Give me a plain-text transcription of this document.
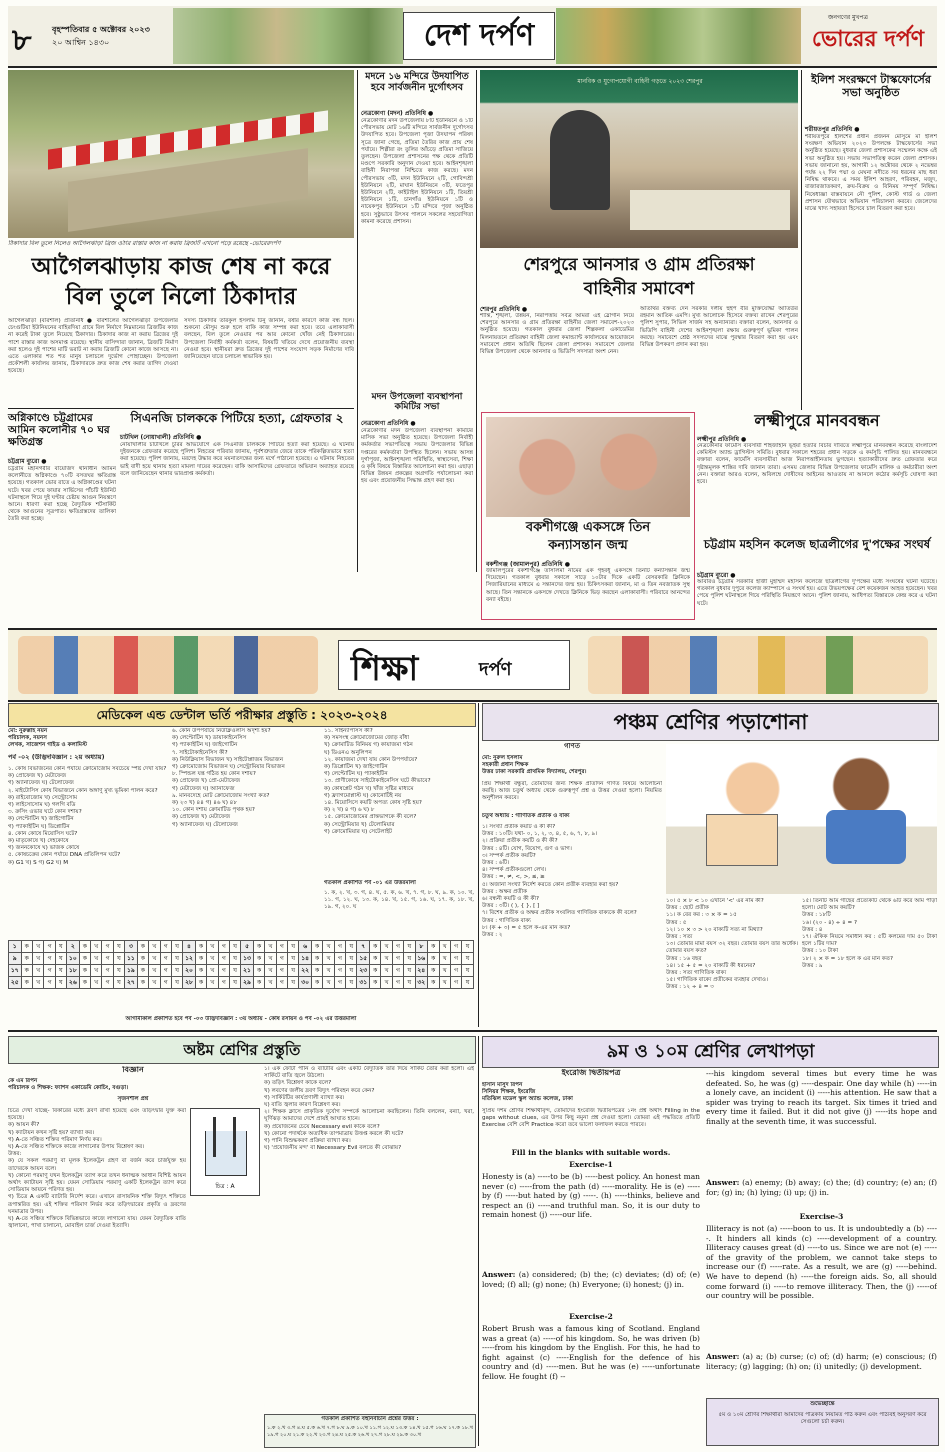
৮	বৃহস্পতিবার ৫ অক্টোবর ২০২৩
২০ আশ্বিন ১৪৩০	দেশ দর্পণ
জনগণের মুখপত্র
ভোরের দর্পণ
ঠিকাদার বিল তুলে নিলেও আগৈলঝাড়া ব্রিজ ওঠার রাস্তার কাজ না করায় ব্রিজটি এখনো পড়ে রয়েছে -ভোরেরদর্পণ
আগৈলঝাড়ায় কাজ শেষ না করে
বিল তুলে নিলো ঠিকাদার
আগৈলঝাড়া (বরিশাল) প্রতিনিধি ● বরিশালের আগৈলঝাড়া উপজেলার চেংগুটিয়া ইউনিয়নের বাহিরদিয়া গ্রামে বিল নির্মাণে নিম্নমানের ব্রিজটির কাজ না করেই টাকা তুলে নিয়েছে ঠিকাদার। ঠিকাদার কাজ না করায় ব্রিজের দুই পাশে রাস্তার কাজ অসমাপ্ত রয়েছে। স্থানীয় বাসিন্দারা জানান, ব্রিজটি নির্মাণ করা হলেও দুই পাশের মাটি ভরাট না করায় ব্রিজটি কোনো কাজে আসছে না। এতে এলাকার শত শত মানুষ চলাচলে দুর্ভোগ পোহাচ্ছেন। উপজেলা প্রকৌশলী কার্যালয় জানায়, ঠিকাদারকে দ্রুত কাজ শেষ করার তাগিদ দেওয়া হয়েছে।
সদস্য ঠিকাদার তরিকুল ইসলাম টিনু জানান, বর্ষার কারণে কাজ বন্ধ ছিল। শুকনো মৌসুম শুরু হলে বাকি কাজ সম্পন্ন করা হবে। তবে এলাকাবাসী বলছেন, বিল তুলে নেওয়ার পর আর কোনো খোঁজ নেই ঠিকাদারের। উপজেলা নির্বাহী কর্মকর্তা বলেন, বিষয়টি খতিয়ে দেখে প্রয়োজনীয় ব্যবস্থা নেওয়া হবে। স্থানীয়রা দ্রুত ব্রিজের দুই পাশের সংযোগ সড়ক নির্মাণের দাবি জানিয়েছেন যাতে চলাচল স্বাভাবিক হয়।
অগ্নিকাণ্ডে চট্টগ্রামের আমিন কলোনীর ৭০ ঘর ক্ষতিগ্রস্ত
চট্টগ্রাম ব্যুরো ●
চট্টগ্রাম মহানগরীর বায়েজিদ থানাধীন আমিন কলোনীতে অগ্নিকাণ্ডে ৭০টি বসতঘর ক্ষতিগ্রস্ত হয়েছে। গতকাল ভোর রাতে এ অগ্নিকাণ্ডের ঘটনা ঘটে। খবর পেয়ে ফায়ার সার্ভিসের পাঁচটি ইউনিট ঘটনাস্থলে গিয়ে দুই ঘণ্টার চেষ্টায় আগুন নিয়ন্ত্রণে আনে। ধারণা করা হচ্ছে বৈদ্যুতিক শর্টসার্কিট থেকে আগুনের সূত্রপাত। ক্ষতিগ্রস্তদের তালিকা তৈরি করা হচ্ছে।
সিএনজি চালককে পিটিয়ে হত্যা, গ্রেফতার ২
চাটখিল (নোয়াখালী) প্রতিনিধি ●
নোয়াখালীর চাটখিলে চুরির অভিযোগে এক সিএনজি চালককে পিটিয়ে হত্যা করা হয়েছে। এ ঘটনায় দুইজনকে গ্রেফতার করেছে পুলিশ। নিহতের পরিবার জানায়, পূর্বশত্রুতার জেরে তাকে পরিকল্পিতভাবে হত্যা করা হয়েছে। পুলিশ জানায়, মরদেহ উদ্ধার করে ময়নাতদন্তের জন্য মর্গে পাঠানো হয়েছে। এ ঘটনায় নিহতের ভাই বাদী হয়ে থানায় হত্যা মামলা দায়ের করেছেন। বাকি আসামিদের গ্রেফতারে অভিযান অব্যাহত রয়েছে বলে জানিয়েছেন থানার ভারপ্রাপ্ত কর্মকর্তা।
মদনে ১৬ মন্দিরে উদযাপিত হবে সার্বজনীন দুর্গোৎসব
নেত্রকোণা (মদন) প্রতিনিধি ●
নেত্রকোণার মদন উপজেলায় ৮টি ইউনিয়নে ও ১টি পৌরসভায় মোট ১৬টি মন্দিরে সার্বজনীন দুর্গোৎসব উদযাপিত হবে। উপজেলা পূজা উদযাপন পরিষদ সূত্রে জানা গেছে, প্রতিমা তৈরির কাজ প্রায় শেষ পর্যায়ে। শিল্পীরা রং তুলির আঁচড়ে প্রতিমা সাজিয়ে তুলছেন। উপজেলা প্রশাসনের পক্ষ থেকে প্রতিটি মণ্ডপে সরকারি অনুদান দেওয়া হবে। আইনশৃঙ্খলা বাহিনী নিরাপত্তা নিশ্চিতে কাজ করছে। মদন পৌরসভায় ৩টি, মদন ইউনিয়নে ২টি, গোবিন্দশ্রী ইউনিয়নে ২টি, মাঘান ইউনিয়নে ৩টি, ফতেপুর ইউনিয়নে ২টি, কাইটাইল ইউনিয়নে ১টি, তিয়শ্রী ইউনিয়নে ১টি, চানগাঁও ইউনিয়নে ১টি ও নায়েকপুর ইউনিয়নে ১টি মন্দিরে পূজা অনুষ্ঠিত হবে। সুষ্ঠুভাবে উৎসব পালনে সকলের সহযোগিতা কামনা করেছে প্রশাসন।
মদন উপজেলা ব্যবস্থাপনা কমিটির সভা
নেত্রকোণা প্রতিনিধি ●
নেত্রকোণার মদন উপজেলা ব্যবস্থাপনা কমিটির মাসিক সভা অনুষ্ঠিত হয়েছে। উপজেলা নির্বাহী কর্মকর্তার সভাপতিত্বে সভায় উপজেলার বিভিন্ন দপ্তরের কর্মকর্তারা উপস্থিত ছিলেন। সভায় আসন্ন দুর্গাপূজা, আইনশৃঙ্খলা পরিস্থিতি, স্বাস্থ্যসেবা, শিক্ষা ও কৃষি বিষয়ে বিস্তারিত আলোচনা করা হয়। এছাড়া বিভিন্ন উন্নয়ন প্রকল্পের অগ্রগতি পর্যালোচনা করা হয় এবং প্রয়োজনীয় সিদ্ধান্ত গ্রহণ করা হয়।
মানবিক ও যুগোপযোগী বাহিনী গড়তে ২০২৩ শেরপুর
শেরপুরে আনসার ও গ্রাম প্রতিরক্ষা
বাহিনীর সমাবেশ
শেরপুর প্রতিনিধি ●
শান্তি, শৃঙ্খলা, উন্নয়ন, নিরাপত্তায় সর্বত্র আমরা এই স্লোগান নিয়ে শেরপুরে আনসার ও গ্রাম প্রতিরক্ষা বাহিনীর জেলা সমাবেশ-২০২৩ অনুষ্ঠিত হয়েছে। গতকাল বুধবার জেলা শিল্পকলা একাডেমির মিলনায়তনে প্রতিরক্ষা বাহিনী জেলা কমান্ড্যান্ট কার্যালয়ের আয়োজনে সমাবেশে প্রধান অতিথি ছিলেন জেলা প্রশাসক। সমাবেশে জেলার বিভিন্ন উপজেলা থেকে আনসার ও ভিডিপি সদস্যরা অংশ নেন।
অতিথির বক্তব্য দেন সরকার দলীয় হুইপ বীর মুক্তিযোদ্ধা আতিউর রহমান আতিক এমপি। মুখ্য আলোচক হিসেবে বক্তব্য রাখেন শেরপুরের পুলিশ সুপার, সিভিল সার্জন সহ অন্যান্যরা। বক্তারা বলেন, আনসার ও ভিডিপি বাহিনী দেশের আইনশৃঙ্খলা রক্ষায় গুরুত্বপূর্ণ ভূমিকা পালন করছে। সমাবেশে শ্রেষ্ঠ সদস্যদের মাঝে পুরস্কার বিতরণ করা হয় এবং বিভিন্ন উপকরণ প্রদান করা হয়।
বকশীগঞ্জে একসঙ্গে তিন
কন্যাসন্তান জন্ম
বকশীগঞ্জ (জামালপুর) প্রতিনিধি ●
জামালপুরের বকশীগঞ্জে তাসলিমা নামের এক গৃহবধূ একসঙ্গে তিনটি কন্যাসন্তান জন্ম দিয়েছেন। গতকাল বুধবার সকালে সাড়ে ১০টার দিকে একটি বেসরকারি ক্লিনিকে সিজারিয়ানের মাধ্যমে এ সন্তানদের জন্ম হয়। চিকিৎসকরা জানান, মা ও তিন নবজাতক সুস্থ আছে। তিন সন্তানকে একসঙ্গে দেখতে ক্লিনিকে ভিড় করছেন এলাকাবাসী। পরিবারে আনন্দের বন্যা বইছে।
ইলিশ সংরক্ষণে টাস্কফোর্সের সভা অনুষ্ঠিত
শরীয়তপুর প্রতিনিধি ●
শরীয়তপুরে ইলিশের প্রধান প্রজনন মৌসুমে মা ইলিশ সংরক্ষণ অভিযান ২০২৩ উপলক্ষে টাস্কফোর্সের সভা অনুষ্ঠিত হয়েছে। বুধবার জেলা প্রশাসকের সম্মেলন কক্ষে এই সভা অনুষ্ঠিত হয়। সভায় সভাপতিত্ব করেন জেলা প্রশাসক। সভায় জানানো হয়, আগামী ১২ অক্টোবর থেকে ২ নভেম্বর পর্যন্ত ২২ দিন পদ্মা ও মেঘনা নদীতে সব ধরনের মাছ ধরা নিষিদ্ধ থাকবে। এ সময় ইলিশ আহরণ, পরিবহন, মজুদ, বাজারজাতকরণ, ক্রয়-বিক্রয় ও বিনিময় সম্পূর্ণ নিষিদ্ধ। নিষেধাজ্ঞা বাস্তবায়নে নৌ পুলিশ, কোস্ট গার্ড ও জেলা প্রশাসন যৌথভাবে অভিযান পরিচালনা করবে। জেলেদের মাঝে খাদ্য সহায়তা হিসেবে চাল বিতরণ করা হবে।
লক্ষ্মীপুরে মানববন্ধন
লক্ষ্মীপুর প্রতিনিধি ●
নেত্রকোনার ফার্মেসি ব্যবসায়ী শাহজাহান ভূঁইয়া হত্যার বিচার দাবিতে লক্ষ্মীপুরে মানববন্ধন করেছে বাংলাদেশ কেমিস্টস অ্যান্ড ড্রাগিস্টস সমিতি। বুধবার সকালে শহরের প্রধান সড়কে এ কর্মসূচি পালিত হয়। মানববন্ধনে বক্তারা বলেন, ফার্মেসি ব্যবসায়ীরা আজ নিরাপত্তাহীনতায় ভুগছেন। হত্যাকারীদের দ্রুত গ্রেফতার করে দৃষ্টান্তমূলক শাস্তির দাবি জানান তারা। এসময় জেলার বিভিন্ন উপজেলার ফার্মেসি মালিক ও কর্মচারীরা অংশ নেন। বক্তারা আরও বলেন, অবিলম্বে দোষীদের আইনের আওতায় না আনলে কঠোর কর্মসূচি ঘোষণা করা হবে।
চট্টগ্রাম মহসিন কলেজ ছাত্রলীগের দু'পক্ষের সংঘর্ষ
চট্টগ্রাম ব্যুরো ●
আবারও চট্টগ্রাম সরকারি হাজী মুহাম্মদ মহসিন কলেজে ছাত্রলীগের দু'পক্ষের মধ্যে সংঘর্ষের ঘটনা ঘটেছে। গতকাল বুধবার দুপুরে কলেজ ক্যাম্পাসে এ সংঘর্ষ হয়। এতে উভয়পক্ষের বেশ কয়েকজন আহত হয়েছেন। খবর পেয়ে পুলিশ ঘটনাস্থলে গিয়ে পরিস্থিতি নিয়ন্ত্রণে আনে। পুলিশ জানায়, আধিপত্য বিস্তারকে কেন্দ্র করে এ ঘটনা ঘটে।
শিক্ষা	দর্পণ
মেডিকেল এন্ড ডেন্টাল ভর্তি পরীক্ষার প্রস্তুতি : ২০২৩-২০২৪
মো: নুরুল্লাহ নয়ন
পরিচালক, নয়নস
লেখক, সাজেশন গাইড ও কলামিস্ট
পর্ব -০২ (উদ্ভিদবিজ্ঞান : ২য় অধ্যায়)
১. কোষ বিভাজনের কোন পর্যায়ে ক্রোমোজোম সবচেয়ে স্পষ্ট দেখা যায়?
ক) প্রোফেজ খ) মেটাফেজ
গ) অ্যানাফেজ ঘ) টেলোফেজ
২. মাইটোসিস কোষ বিভাজনে কোন অঙ্গাণু মুখ্য ভূমিকা পালন করে?
ক) রাইবোজোম খ) সেন্ট্রোসোম
গ) লাইসোসোম ঘ) গলগি বডি
৩. ক্রসিং ওভার ঘটে কোন দশায়?
ক) লেপ্টোটিন খ) জাইগোটিন
গ) প্যাকাইটিন ঘ) ডিপ্লোটিন
৪. কোন কোষে মিয়োসিস ঘটে?
ক) মাতৃকোষে খ) দেহকোষে
গ) জননকোষে ঘ) ভাজক কোষে
৫. কোষচক্রের কোন পর্যায়ে DNA প্রতিলিপন ঘটে?
ক) G1 খ) S গ) G2 ঘ) M
৬. কোন উপপর্যায়ে নিউক্লিওলাস অদৃশ্য হয়?
ক) লেপ্টোটিন খ) ডায়াকাইনেসিস
গ) প্যাকাইটিন ঘ) জাইগোটিন
৭. সাইটোকাইনেসিস কী?
ক) নিউক্লিয়াস বিভাজন খ) সাইটোপ্লাজম বিভাজন
গ) ক্রোমোজোম বিভাজন ঘ) সেন্ট্রোমিয়ার বিভাজন
৮. স্পিন্ডল যন্ত্র গঠিত হয় কোন দশায়?
ক) প্রোফেজ খ) প্রো-মেটাফেজ
গ) মেটাফেজ ঘ) অ্যানাফেজ
৯. মানবদেহে মোট ক্রোমোজোম সংখ্যা কত?
ক) ২৩ খ) ৪৪ গ) ৪৬ ঘ) ৪৮
১০. কোন দশায় ক্রোমাটিড পৃথক হয়?
ক) প্রোফেজ খ) মেটাফেজ
গ) অ্যানাফেজ ঘ) টেলোফেজ
১১. সাইন্যাপসিস কী?
ক) সমসংস্থ ক্রোমোজোমের জোড় বাঁধা
খ) ক্রোমাটিড বিনিময় গ) কায়াজমা গঠন
ঘ) ডিএনএ অনুলিপন
১২. কায়াজমা দেখা যায় কোন উপপর্যায়ে?
ক) ডিপ্লোটিন খ) জাইগোটিন
গ) লেপ্টোটিন ঘ) প্যাকাইটিন
১৩. প্রাণীকোষে সাইটোকাইনেসিস ঘটে কীভাবে?
ক) কোষপ্লেট গঠন খ) খাঁজ সৃষ্টির মাধ্যমে
গ) ফ্র্যাগমোপ্লাস্ট ঘ) কোনোটিই নয়
১৪. মিয়োসিসে কয়টি অপত্য কোষ সৃষ্টি হয়?
ক) ২ খ) ৪ গ) ৬ ঘ) ৮
১৫. ক্রোমোজোমের প্রান্তভাগকে কী বলে?
ক) সেন্ট্রোমিয়ার খ) টেলোমিয়ার
গ) ক্রোমোমিয়ার ঘ) সেটেলাইট
গতকাল প্রকাশিত পর্ব -০১ এর উত্তরমালা
১. ক, ২. খ, ৩. গ, ৪. ঘ, ৫. ক, ৬. খ, ৭. গ, ৮. ঘ, ৯. ক, ১০. খ, ১১. গ, ১২. ঘ, ১৩. ক, ১৪. খ, ১৫. গ, ১৬. ঘ, ১৭. ক, ১৮. খ, ১৯. গ, ২০. ঘ
১	ক	খ	গ	ঘ	২	ক	খ	গ	ঘ	৩	ক	খ	গ	ঘ	৪	ক	খ	গ	ঘ	৫	ক	খ	গ	ঘ	৬	ক	খ	গ	ঘ	৭	ক	খ	গ	ঘ	৮	ক	খ	গ	ঘ
৯	ক	খ	গ	ঘ	১০	ক	খ	গ	ঘ	১১	ক	খ	গ	ঘ	১২	ক	খ	গ	ঘ	১৩	ক	খ	গ	ঘ	১৪	ক	খ	গ	ঘ	১৫	ক	খ	গ	ঘ	১৬	ক	খ	গ	ঘ
১৭	ক	খ	গ	ঘ	১৮	ক	খ	গ	ঘ	১৯	ক	খ	গ	ঘ	২০	ক	খ	গ	ঘ	২১	ক	খ	গ	ঘ	২২	ক	খ	গ	ঘ	২৩	ক	খ	গ	ঘ	২৪	ক	খ	গ	ঘ
২৫	ক	খ	গ	ঘ	২৬	ক	খ	গ	ঘ	২৭	ক	খ	গ	ঘ	২৮	ক	খ	গ	ঘ	২৯	ক	খ	গ	ঘ	৩০	ক	খ	গ	ঘ	৩১	ক	খ	গ	ঘ	৩২	ক	খ	গ	ঘ
আগামীকাল প্রকাশিত হবে পর্ব -০৩ উদ্ভিদবিজ্ঞান : ৩য় অধ্যায় - কোষ রসায়ন ও পর্ব -০২ এর উত্তরমালা
পঞ্চম শ্রেণির পড়াশোনা
গণিত
মো: নুরুল ইসলাম
সহকারী প্রধান শিক্ষক
উত্তর ঢাকা সরকারি প্রাথমিক বিদ্যালয়, শেরপুর।
প্রিয় শিক্ষার্থী বন্ধুরা, তোমাদের জন্য শিক্ষক প্রতিদিন গণিত বিষয়ে আলোচনা করছি। আজ চতুর্থ অধ্যায় থেকে গুরুত্বপূর্ণ প্রশ্ন ও উত্তর দেওয়া হলো। নিয়মিত অনুশীলন করবে।
চতুর্থ অধ্যায় : গাণিতিক প্রতীক ও বাক্য
১। সংখ্যা প্রতীক কয়টি ও কী কী?
উত্তর : ১০টি। যথা- ০, ১, ২, ৩, ৪, ৫, ৬, ৭, ৮, ৯।
২। প্রক্রিয়া প্রতীক কয়টি ও কী কী?
উত্তর : ৪টি। যোগ, বিয়োগ, গুণ ও ভাগ।
৩। সম্পর্ক প্রতীক কয়টি?
উত্তর : ৬টি।
৪। সম্পর্ক প্রতীকগুলো লেখ।
উত্তর : =, ≠, <, >, ≤, ≥
৫। অজানা সংখ্যা নির্দেশ করতে কোন প্রতীক ব্যবহার করা হয়?
উত্তর : অক্ষর প্রতীক
৬। বন্ধনী কয়টি ও কী কী?
উত্তর : ৩টি। ( ), { }, [ ]
৭। বিশেষ প্রতীক ও অক্ষর প্রতীক সংবলিত গাণিতিক বাক্যকে কী বলে?
উত্তর : গাণিতিক বাক্য
৮। (ক + ৩) = ৫ হলে ক-এর মান কত?
উত্তর : ২
১০। ৫ × ৮ < ১০ এখানে '<' এর নাম কী?
উত্তর : ছোট প্রতীক
১১। ক বের কর : ৩ × ক = ১৫
উত্তর : ৫
১২। ১০ × ৩ > ২০ বাক্যটি সত্য না মিথ্যা?
উত্তর : সত্য
১৩। তোমার মামা বয়স ৩২ বছর। তোমার বয়স তার অর্ধেক। তোমার বয়স কত?
উত্তর : ১৬ বছর
১৪। ১৫ + ৫ = ২০ বাক্যটি কী ধরনের?
উত্তর : সত্য গাণিতিক বাক্য
১৫। গাণিতিক বাক্যে প্রতীকের ব্যবহার দেখাও।
উত্তর : ১২ ÷ ৪ = ৩
১৫। তিনটি আম গাছের প্রত্যেকটি থেকে ৬টি করে আম পাড়া হলো। মোট আম কয়টি?
উত্তর : ১৮টি
১৬। (২০ - ৪) ÷ ৪ = ?
উত্তর : ৪
১৭। ঐকিক নিয়মে সমাধান কর : ৫টি কলমের দাম ৫০ টাকা হলে ১টির দাম?
উত্তর : ১০ টাকা
১৮। ২ × ক = ১৮ হলে ক এর মান কত?
উত্তর : ৯
অষ্টম শ্রেণির প্রস্তুতি
বিজ্ঞান
কে এম রিপন
পরিচালক ও শিক্ষক: ফ্যাশন একাডেমি কোচিং, বগুড়া।
সৃজনশীল প্রশ্ন
চিত্র : A
চিত্রে দেখা যাচ্ছে- বিকারের মধ্যে দ্রবণ রাখা হয়েছে এবং তড়িৎদ্বার যুক্ত করা হয়েছে।
ক) আয়ন কী?
খ) ক্যাটায়ন কখন সৃষ্টি হয়? ব্যাখ্যা কর।
গ) A-তে সঞ্চিত শক্তির পরিমাণ নির্ণয় কর।
ঘ) A-তে সঞ্চিত শক্তিকে কাজে লাগানোর উপায় বিশ্লেষণ কর।
উত্তর:
ক) যে সকল পরমাণু বা মূলক ইলেকট্রন গ্রহণ বা বর্জন করে চার্জযুক্ত হয় তাদেরকে আয়ন বলে।
খ) কোনো পরমাণু যখন ইলেকট্রন ত্যাগ করে তখন ধনাত্মক আধান বিশিষ্ট আয়ন অর্থাৎ ক্যাটায়ন সৃষ্টি হয়। যেমন সোডিয়াম পরমাণু একটি ইলেকট্রন ত্যাগ করে সোডিয়াম আয়নে পরিণত হয়।
গ) চিত্রে A একটি ব্যাটারি নির্দেশ করে। এখানে রাসায়নিক শক্তি বিদ্যুৎ শক্তিতে রূপান্তরিত হয়। এই শক্তির পরিমাণ নির্ভর করে তড়িৎদ্বারের প্রকৃতি ও দ্রবণের ঘনমাত্রার উপর।
ঘ) A-তে সঞ্চিত শক্তিকে বিভিন্নভাবে কাজে লাগানো যায়। যেমন বৈদ্যুতিক বাতি জ্বালানো, পাখা চালানো, মোবাইল চার্জ দেওয়া ইত্যাদি।
১। এক ফোঁটা পানি ও ব্যাটারি এবং একটি বৈদ্যুতিক তার দিয়ে সার্কিট তৈরি করা হলো। এই সার্কিটে বাতি জ্বলে উঠলো।
ক) তড়িৎ বিশ্লেষণ কাকে বলে?
খ) লবণের জলীয় দ্রবণ বিদ্যুৎ পরিবহন করে কেন?
গ) সার্কিটটির কার্যপ্রণালী ব্যাখ্যা কর।
ঘ) বাতি জ্বলার কারণ বিশ্লেষণ কর।
২। শিক্ষক ক্লাসে প্রাকৃতিক দুর্যোগ সম্পর্কে আলোচনা করছিলেন। তিনি বললেন, বন্যা, খরা, ঘূর্ণিঝড় আমাদের দেশে প্রায়ই আঘাত হানে।
ক) প্রয়োজনের চেয়ে Necessary evil কাকে বলে?
খ) কোনো পদার্থকে অত্যধিক তাপমাত্রায় উত্তপ্ত করলে কী ঘটে?
গ) পানি বিশুদ্ধকরণ প্রক্রিয়া ব্যাখ্যা কর।
ঘ) 'প্রয়োজনীয় মন্দ' বা Necessary Evil বলতে কী বোঝায়?
গতকাল প্রকাশিত বহুনির্বাচনি প্রশ্নের উত্তর :
১.ক ২.খ ৩.গ ৪.ঘ ৫.ক ৬.খ ৭.গ ৮.ঘ ৯.ক ১০.খ ১১.গ ১২.ঘ ১৩.ক ১৪.খ ১৫.গ ১৬.ঘ ১৭.ক ১৮.খ ১৯.গ ২০.ঘ ২১.ক ২২.খ ২৩.গ ২৪.ঘ ২৫.ক ২৬.খ ২৭.গ ২৮.ঘ ২৯.ক ৩০.খ
৯ম ও ১০ম শ্রেণির লেখাপড়া
ইংরেজি দ্বিতীয়পত্র
হাসান মাসুদ রিপন
সিনিয়র শিক্ষক, ইংরেজি
মতিঝিল মডেল স্কুল অ্যান্ড কলেজ, ঢাকা
সুপ্রিয় দশম শ্রেণির শিক্ষার্থীবৃন্দ, তোমাদের ইংরেজি দ্বিতীয়পত্রের ১নং প্রশ্ন অর্থাৎ Filling in the gaps without clues, এর উপর কিছু নমুনা প্রশ্ন দেওয়া হলো। তোমরা এই পদ্ধতিতে প্রতিটি Exercise বেশি বেশি Practice করো তবে ভালো ফলাফল করতে পারবে।
Fill in the blanks with suitable words.
Exercise-1
Honesty is (a) -----to be (b) -----best policy. An honest man never (c) -----from the path (d) -----morality. He is (e) -----by (f) -----but hated by (g) -----. (h) -----thinks, believe and respect an (i) -----and truthful man. So, it is our duty to remain honest (j) -----our life.
Answer: (a) considered; (b) the; (c) deviates; (d) of; (e) loved; (f) all; (g) none; (h) Everyone; (i) honest; (j) in.
Exercise-2
Robert Brush was a famous king of Scotland. England was a great (a) -----of his kingdom. So, he was driven (b) -----from his kingdom by the English. For this, he had to fight against (c) -----English for the defence of his country and (d) -----men. But he was (e) -----unfortunate fellow. He fought (f) --
---his kingdom several times but every time he was defeated. So, he was (g) -----despair. One day while (h) -----in a lonely cave, an incident (i) -----his attention. He saw that a spider was trying to reach its target. Six times it tried and every time it failed. But it did not give (j) -----its hope and finally at the seventh time, it was successful.
Answer: (a) enemy; (b) away; (c) the; (d) country; (e) an; (f) for; (g) in; (h) lying; (i) up; (j) in.
Exercise-3
Illiteracy is not (a) -----boon to us. It is undoubtedly a (b) -----. It hinders all kinds (c) -----development of a country. Illiteracy causes great (d) -----to us. Since we are not (e) -----of the gravity of the problem, we cannot take steps to increase our (f) -----rate. As a result, we are (g) -----behind. We have to depend (h) -----the foreign aids. So, all should come forward (i) -----to remove illiteracy. Then, the (j) -----of our country will be possible.
Answer: (a) a; (b) curse; (c) of; (d) harm; (e) conscious; (f) literacy; (g) lagging; (h) on; (i) unitedly; (j) development.
শুভেচ্ছান্তে
৫ম ও ১০ম শ্রেণির শিক্ষার্থীরা আমাদের পত্রিকায় নিয়মিত পাঠ করুন এবং পাঠ্যবই অনুসরণ করে সেগুলো চর্চা করুন।
